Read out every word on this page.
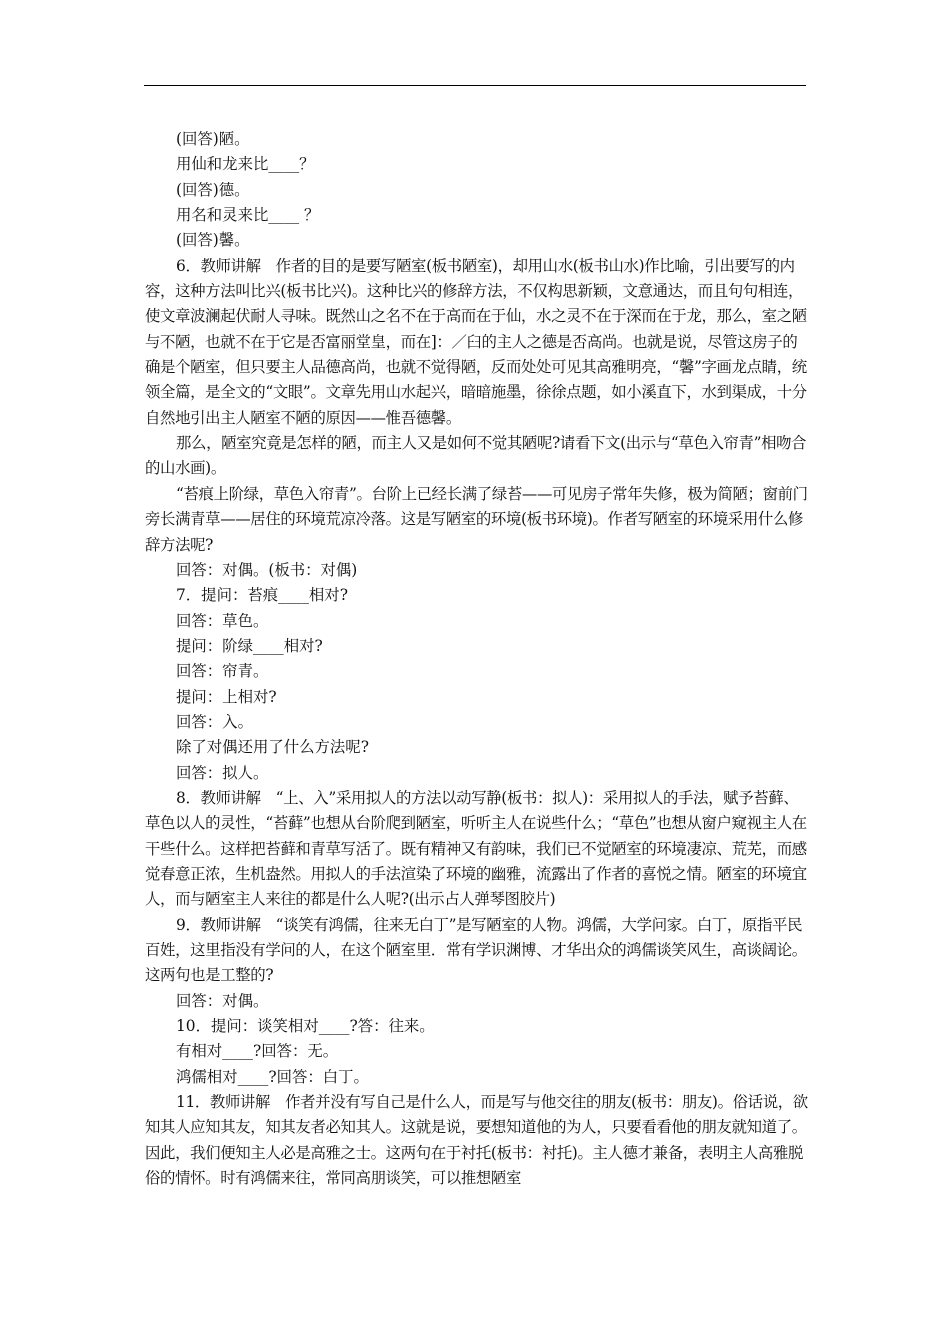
(回答)陋。

用仙和龙来比____？

(回答)德。

用名和灵来比____ ？

(回答)馨。

6．教师讲解　作者的目的是要写陋室(板书陋室)，却用山水(板书山水)作比喻，引出要写的内容，这种方法叫比兴(板书比兴)。这种比兴的修辞方法，不仅构思新颖，文意通达，而且句句相连，使文章波澜起伏耐人寻味。既然山之名不在于高而在于仙，水之灵不在于深而在于龙，那么，室之陋与不陋，也就不在于它是否富丽堂皇，而在]：／臼的主人之德是否高尚。也就是说，尽管这房子的确是个陋室，但只要主人品德高尚，也就不觉得陋，反而处处可见其高雅明亮，“馨”字画龙点睛，统领全篇，是全文的“文眼”。文章先用山水起兴，暗暗施墨，徐徐点题，如小溪直下，水到渠成，十分自然地引出主人陋室不陋的原因——惟吾德馨。

那么，陋室究竟是怎样的陋，而主人又是如何不觉其陋呢?请看下文(出示与“草色入帘青”相吻合的山水画)。

“苔痕上阶绿，草色入帘青”。台阶上已经长满了绿苔——可见房子常年失修，极为简陋；窗前门旁长满青草——居住的环境荒凉冷落。这是写陋室的环境(板书环境)。作者写陋室的环境采用什么修辞方法呢?

回答：对偶。(板书：对偶)

7．提问：苔痕____相对?

回答：草色。

提问：阶绿____相对?

回答：帘青。

提问：上相对?

回答：入。

除了对偶还用了什么方法呢?

回答：拟人。

8．教师讲解　“上、入”采用拟人的方法以动写静(板书：拟人)：采用拟人的手法，赋予苔藓、草色以人的灵性，“苔藓”也想从台阶爬到陋室，听听主人在说些什么；“草色”也想从窗户窥视主人在干些什么。这样把苔藓和青草写活了。既有精神又有韵味，我们已不觉陋室的环境凄凉、荒芜，而感觉春意正浓，生机盎然。用拟人的手法渲染了环境的幽雅，流露出了作者的喜悦之情。陋室的环境宜人，而与陋室主人来往的都是什么人呢?(出示占人弹琴图胶片)

9．教师讲解　“谈笑有鸿儒，往来无白丁”是写陋室的人物。鸿儒，大学问家。白丁，原指平民百姓，这里指没有学问的人，在这个陋室里．常有学识渊博、才华出众的鸿儒谈笑风生，高谈阔论。这两句也是工整的?

回答：对偶。

10．提问：谈笑相对____?答：往来。

有相对____?回答：无。

鸿儒相对____?回答：白丁。

11．教师讲解　作者并没有写自己是什么人，而是写与他交往的朋友(板书：朋友)。俗话说，欲知其人应知其友，知其友者必知其人。这就是说，要想知道他的为人，只要看看他的朋友就知道了。因此，我们便知主人必是高雅之士。这两句在于衬托(板书：衬托)。主人德才兼备，表明主人高雅脱俗的情怀。时有鸿儒来往，常同高朋谈笑，可以推想陋室
